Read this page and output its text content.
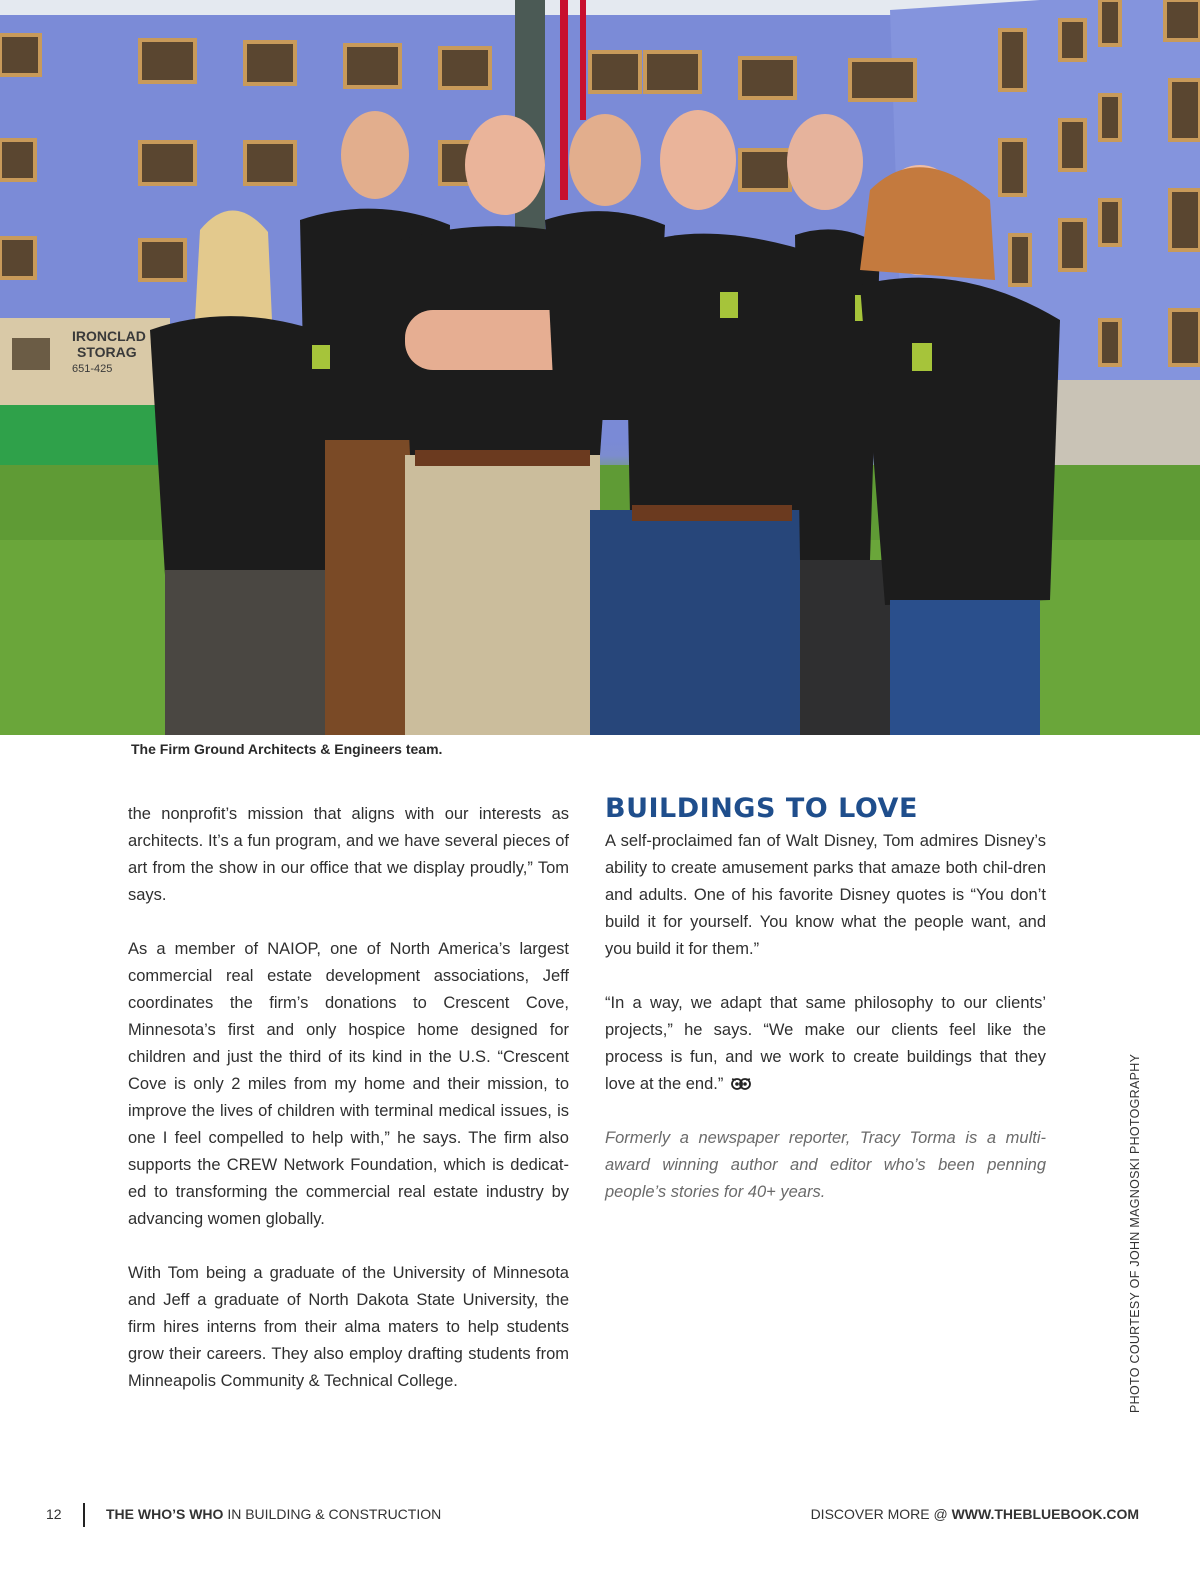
IRONCLAD
STORAG
651-425
The Firm Ground Architects & Engineers team.

the nonprofit’s mission that aligns with our interests as architects. It’s a fun program, and we have several pieces of art from the show in our office that we display proudly,” Tom says.

As a member of NAIOP, one of North America’s largest commercial real estate development associations, Jeff coordinates the firm’s donations to Crescent Cove, Minnesota’s first and only hospice home designed for children and just the third of its kind in the U.S. “Crescent Cove is only 2 miles from my home and their mission, to improve the lives of children with terminal medical issues, is one I feel compelled to help with,” he says. The firm also supports the CREW Network Foundation, which is dedicat-ed to transforming the commercial real estate industry by advancing women globally.

With Tom being a graduate of the University of Minnesota and Jeff a graduate of North Dakota State University, the firm hires interns from their alma maters to help students grow their careers. They also employ drafting students from Minneapolis Community & Technical College.

BUILDINGS TO LOVE

A self-proclaimed fan of Walt Disney, Tom admires Disney’s ability to create amusement parks that amaze both chil-dren and adults. One of his favorite Disney quotes is “You don’t build it for yourself. You know what the people want, and you build it for them.”

“In a way, we adapt that same philosophy to our clients’ projects,” he says. “We make our clients feel like the process is fun, and we work to create buildings that they love at the end.”

Formerly a newspaper reporter, Tracy Torma is a multi-award winning author and editor who’s been penning people’s stories for 40+ years.	PHOTO COURTESY OF JOHN MAGNOSKI PHOTOGRAPHY
12	THE WHO’S WHO IN BUILDING & CONSTRUCTION	DISCOVER MORE @ WWW.THEBLUEBOOK.COM
